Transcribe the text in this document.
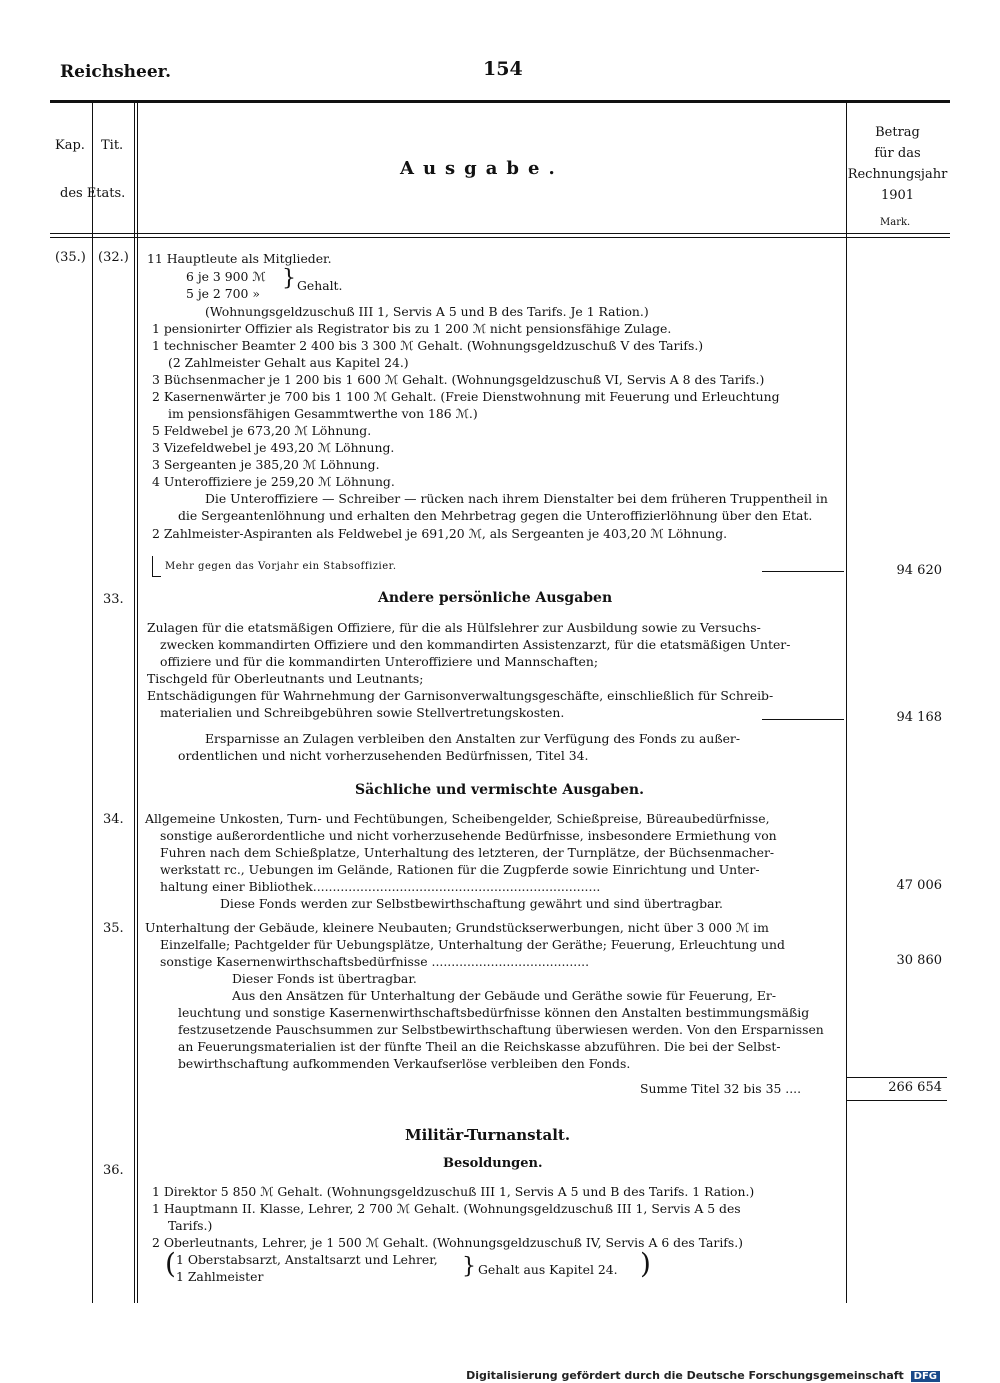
Reichsheer.	154
Kap. Tit.
des Etats.
Ausgabe.
Betrag
für das
Rechnungsjahr
1901
Mark.
(35.) (32.) 11 Hauptleute als Mitglieder.
6 je 3 900 ℳ
5 je 2 700 »
} Gehalt.
(Wohnungsgeldzuschuß III 1, Servis A 5 und B des Tarifs. Je 1 Ration.)
1 pensionirter Offizier als Registrator bis zu 1 200 ℳ nicht pensionsfähige Zulage.
1 technischer Beamter 2 400 bis 3 300 ℳ Gehalt. (Wohnungsgeldzuschuß V des Tarifs.)
(2 Zahlmeister Gehalt aus Kapitel 24.)
3 Büchsenmacher je 1 200 bis 1 600 ℳ Gehalt. (Wohnungsgeldzuschuß VI, Servis A 8 des Tarifs.)
2 Kasernenwärter je 700 bis 1 100 ℳ Gehalt. (Freie Dienstwohnung mit Feuerung und Erleuchtung
im pensionsfähigen Gesammtwerthe von 186 ℳ.)
5 Feldwebel je 673,20 ℳ Löhnung.
3 Vizefeldwebel je 493,20 ℳ Löhnung.
3 Sergeanten je 385,20 ℳ Löhnung.
4 Unteroffiziere je 259,20 ℳ Löhnung.
Die Unteroffiziere — Schreiber — rücken nach ihrem Dienstalter bei dem früheren Truppentheil in
die Sergeantenlöhnung und erhalten den Mehrbetrag gegen die Unteroffizierlöhnung über den Etat.
2 Zahlmeister-Aspiranten als Feldwebel je 691,20 ℳ, als Sergeanten je 403,20 ℳ Löhnung.
Mehr gegen das Vorjahr ein Stabsoffizier.	94 620
33.	Andere persönliche Ausgaben
Zulagen für die etatsmäßigen Offiziere, für die als Hülfslehrer zur Ausbildung sowie zu Versuchs-
zwecken kommandirten Offiziere und den kommandirten Assistenzarzt, für die etatsmäßigen Unter-
offiziere und für die kommandirten Unteroffiziere und Mannschaften;
Tischgeld für Oberleutnants und Leutnants;
Entschädigungen für Wahrnehmung der Garnisonverwaltungsgeschäfte, einschließlich für Schreib-
materialien und Schreibgebühren sowie Stellvertretungskosten.	94 168
Ersparnisse an Zulagen verbleiben den Anstalten zur Verfügung des Fonds zu außer-
ordentlichen und nicht vorherzusehenden Bedürfnissen, Titel 34.
Sächliche und vermischte Ausgaben.
34. Allgemeine Unkosten, Turn- und Fechtübungen, Scheibengelder, Schießpreise, Büreaubedürfnisse,
sonstige außerordentliche und nicht vorherzusehende Bedürfnisse, insbesondere Ermiethung von
Fuhren nach dem Schießplatze, Unterhaltung des letzteren, der Turnplätze, der Büchsenmacher-
werkstatt rc., Uebungen im Gelände, Rationen für die Zugpferde sowie Einrichtung und Unter-
haltung einer Bibliothek.........................................................................	47 006
Diese Fonds werden zur Selbstbewirthschaftung gewährt und sind übertragbar.
35. Unterhaltung der Gebäude, kleinere Neubauten; Grundstückserwerbungen, nicht über 3 000 ℳ im
Einzelfalle; Pachtgelder für Uebungsplätze, Unterhaltung der Geräthe; Feuerung, Erleuchtung und
sonstige Kasernenwirthschaftsbedürfnisse ........................................	30 860
Dieser Fonds ist übertragbar.
Aus den Ansätzen für Unterhaltung der Gebäude und Geräthe sowie für Feuerung, Er-
leuchtung und sonstige Kasernenwirthschaftsbedürfnisse können den Anstalten bestimmungsmäßig
festzusetzende Pauschsummen zur Selbstbewirthschaftung überwiesen werden. Von den Ersparnissen
an Feuerungsmaterialien ist der fünfte Theil an die Reichskasse abzuführen. Die bei der Selbst-
bewirthschaftung aufkommenden Verkaufserlöse verbleiben den Fonds.
Summe Titel 32 bis 35 ....	266 654
Militär-Turnanstalt.
36.	Besoldungen.
1 Direktor 5 850 ℳ Gehalt. (Wohnungsgeldzuschuß III 1, Servis A 5 und B des Tarifs. 1 Ration.)
1 Hauptmann II. Klasse, Lehrer, 2 700 ℳ Gehalt. (Wohnungsgeldzuschuß III 1, Servis A 5 des
Tarifs.)
2 Oberleutnants, Lehrer, je 1 500 ℳ Gehalt. (Wohnungsgeldzuschuß IV, Servis A 6 des Tarifs.)
( 1 Oberstabsarzt, Anstaltsarzt und Lehrer,
1 Zahlmeister	} Gehalt aus Kapitel 24. )
Digitalisierung gefördert durch die Deutsche Forschungsgemeinschaft DFG
